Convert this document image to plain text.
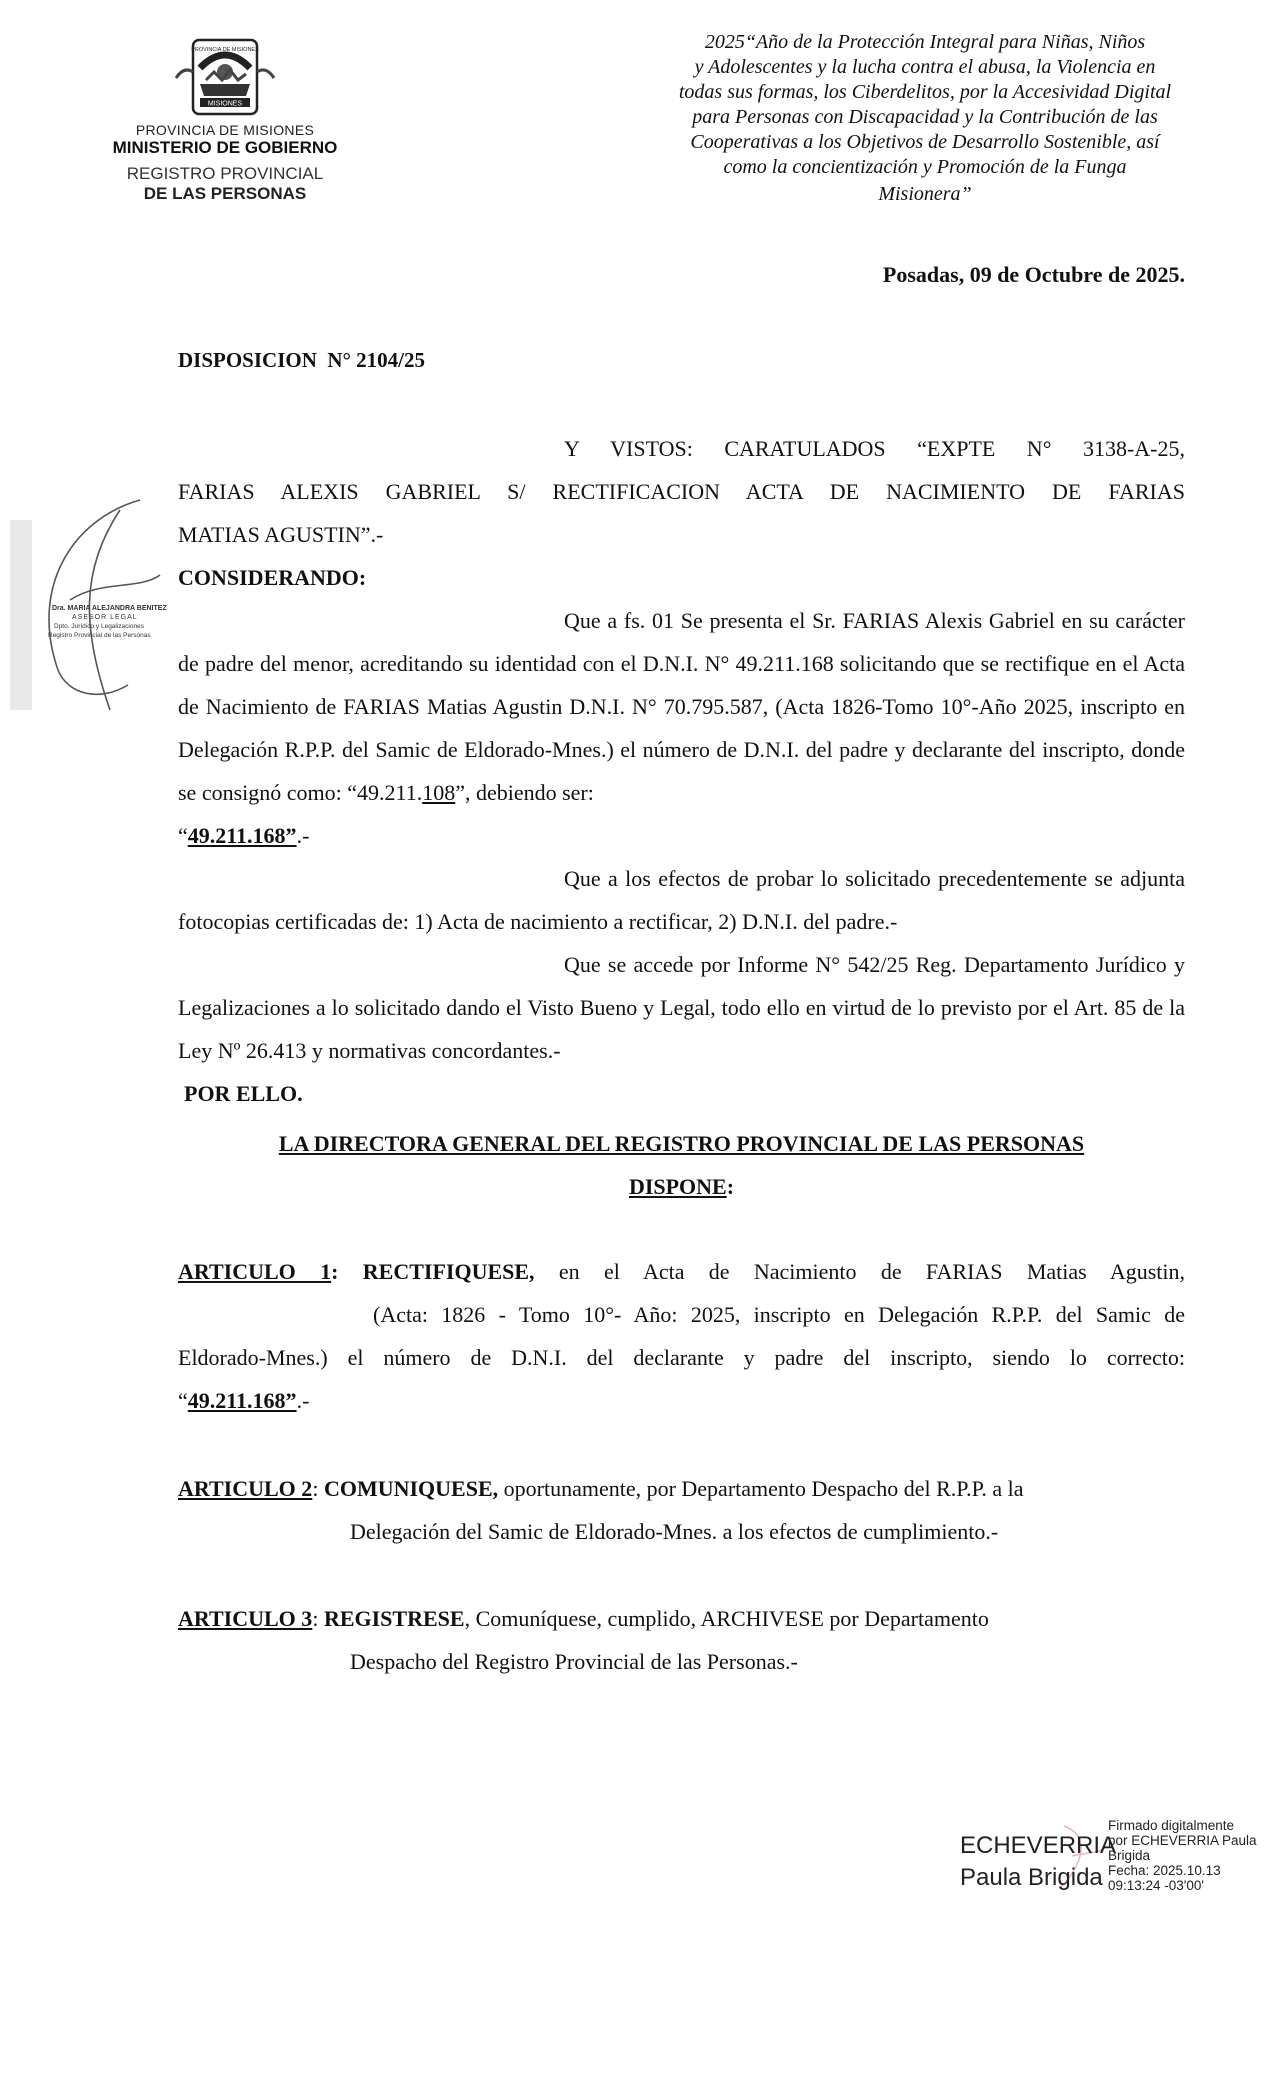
MISIONES
PROVINCIA DE MISIONES
PROVINCIA DE MISIONES
MINISTERIO DE GOBIERNO
REGISTRO PROVINCIAL
DE LAS PERSONAS
2025“Año de la Protección Integral para Niñas, Niños
y Adolescentes y la lucha contra el abusa, la Violencia en
todas sus formas, los Ciberdelitos, por la Accesividad Digital
para Personas con Discapacidad y la Contribución de las
Cooperativas a los Objetivos de Desarrollo Sostenible, así
como la concientización y Promoción de la Funga
Misionera”
Posadas, 09 de Octubre de 2025.
DISPOSICION  N° 2104/25
Y VISTOS: CARATULADOS “EXPTE N° 3138-A-25,
FARIAS ALEXIS GABRIEL S/ RECTIFICACION ACTA DE NACIMIENTO DE FARIAS
MATIAS AGUSTIN”.-
CONSIDERANDO:

Que a fs. 01 Se presenta el Sr. FARIAS Alexis Gabriel en su carácter de padre del menor, acreditando su identidad con el D.N.I. N° 49.211.168 solicitando que se rectifique en el Acta de Nacimiento de FARIAS Matias Agustin D.N.I. N° 70.795.587, (Acta 1826-Tomo 10°-Año 2025, inscripto en Delegación R.P.P. del Samic de Eldorado-Mnes.) el número de D.N.I. del padre y declarante del inscripto, donde se consignó como: “49.211.108”, debiendo ser:
“49.211.168”.-

Que a los efectos de probar lo solicitado precedentemente se adjunta fotocopias certificadas de: 1) Acta de nacimiento a rectificar, 2) D.N.I. del padre.-

Que se accede por Informe N° 542/25 Reg. Departamento Jurídico y Legalizaciones a lo solicitado dando el Visto Bueno y Legal, todo ello en virtud de lo previsto por el Art. 85 de la Ley Nº 26.413 y normativas concordantes.-

POR ELLO.
LA DIRECTORA GENERAL DEL REGISTRO PROVINCIAL DE LAS PERSONAS
DISPONE:
ARTICULO 1: RECTIFIQUESE, en el Acta de Nacimiento de FARIAS Matias Agustin,
(Acta: 1826 - Tomo 10°- Año: 2025, inscripto en Delegación R.P.P. del Samic de
Eldorado-Mnes.) el número de D.N.I. del declarante y padre del inscripto, siendo lo correcto:
“49.211.168”.-
ARTICULO 2: COMUNIQUESE, oportunamente, por Departamento Despacho del R.P.P. a la
Delegación del Samic de Eldorado-Mnes. a los efectos de cumplimiento.-
ARTICULO 3: REGISTRESE, Comuníquese, cumplido, ARCHIVESE por Departamento
Despacho del Registro Provincial de las Personas.-
Dra. MARIA ALEJANDRA BENITEZ
ASESOR LEGAL
Dpto. Jurídico y Legalizaciones
Registro Provincial de las Personas
ECHEVERRIA
Paula Brigida
Firmado digitalmente
por ECHEVERRIA Paula
Brigida
Fecha: 2025.10.13
09:13:24 -03'00'
